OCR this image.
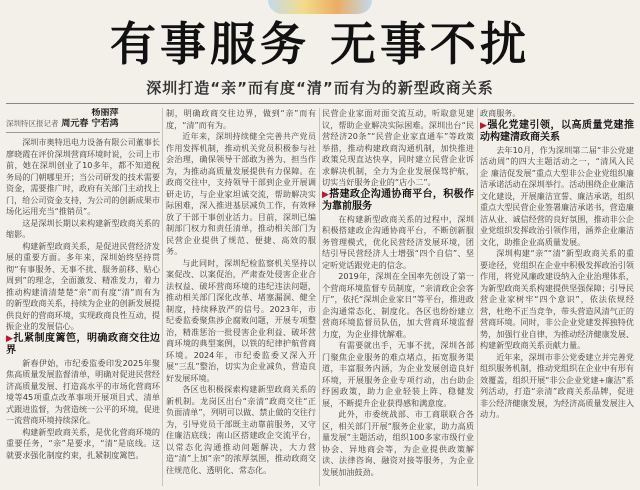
有事服务 无事不扰
深圳打造“亲”而有度“清”而有为的新型政商关系
深圳特区报记者 杨丽萍
周元春 宁若鸿

深圳市奥特迅电力设备有限公司董事长廖晓霞在评价深圳营商环境时说，公司上市前，她在深圳创业了10多年，都不知道税务局的门朝哪里开；当公司研发的技术需要资金，需要推广时，政府有关部门主动找上门，给公司资金支持，为公司的创新成果市场化运用充当“推销员”。

这是深圳长期以来构建新型政商关系的缩影。

构建新型政商关系，是促进民营经济发展的重要方面。多年来，深圳始终坚持贯彻“有事服务、无事不扰、服务前移、贴心周到”的理念，全面激发、精准发力，着力推动构建清清楚楚“亲”而有度“清”而有为的新型政商关系，持续为企业的创新发展提供良好的营商环境，实现政商良性互动，提振企业的发展信心。

▶扎紧制度篱笆，明确政商交往边界

新春伊始，市纪委监委印发2025年聚焦高质量发展监督清单，明确对促进民营经济高质量发展、打造高水平的市场化营商环境等45项重点改革事项开展项目式、清单式跟进监督，为营造统一公平的环境，促进一流营商环境持续深化。

构建新型政商关系，是优化营商环境的重要任务，“亲”是要求，“清”是底线。这就要求强化制度约束，扎紧制度篱笆。

制，明确政商交往边界，做到“亲”而有度，“清”而有为。

近年来，深圳持续健全完善共产党员作用发挥机制，推动机关党员积极参与社会治理，确保领导干部敢为善为、担当作为，为推动高质量发展提供有力保障。在政商交往中，支持领导干部到企业开展调研走访，与企业家坦诚交流，帮助解决实际困难，深入推进基层减负工作，有效释放了干部干事创业活力。目前，深圳已编制部门权力和责任清单，推动相关部门为民营企业提供了规范、便捷、高效的服务。

与此同时，深圳纪检监察机关坚持以案促改、以案促治，严肃查处侵害企业合法权益、破坏营商环境的违纪违法问题，推动相关部门深化改革、堵塞漏洞、健全制度，持续释放严的信号。2023年，市纪委监委聚焦涉企腐败问题，开展专项整治，精准惩治一批侵害企业利益、破坏营商环境的典型案例，以铁的纪律护航营商环境。2024年，市纪委监委又深入开展“三乱”整治，切实为企业减负，营造良好发展环境。

各区也积极探索构建新型政商关系的新机制。龙岗区出台“亲清”政商交往“正负面清单”，列明可以做、禁止做的交往行为，引导党员干部既主动靠前服务，又守住廉洁底线；南山区搭建政企交流平台，以常态化沟通推动问题解决，大力营造“清”上加“亲”的浓厚氛围，推动政商交往规范化、透明化、常态化。

民营企业家面对面交流互动，听取意见建议，帮助企业解决实际困难。深圳出台“民营经济20条”“民营企业家直通车”等政策举措，推动构建政商沟通机制，加快推进政策兑现直达快享，同时建立民营企业诉求解决机制，全力为企业发展保驾护航，切实当好服务企业的“店小二”。

▶搭建政企沟通协商平台，积极作为靠前服务

在构建新型政商关系的过程中，深圳积极搭建政企沟通协商平台，不断创新服务管理模式，优化民营经济发展环境，团结引导民营经济人士增强“四个自信”、坚定听党话跟党走的信念。

2019年，深圳在全国率先创设了第一个营商环境监督专员制度，“亲清政企会客厅”，依托“深圳企业家日”等平台，推进政企沟通常态化、制度化。各区也纷纷建立营商环境监督员队伍，加大营商环境监督力度，为企业排忧解难。

有需要就出手，无事不扰，深圳各部门聚焦企业服务的难点堵点，拓宽服务渠道，丰富服务内涵，为企业发展创造良好环境，开展服务企业专项行动，出台助企纾困政策，助力企业轻装上阵、稳健发展，不断提升企业获得感和满意度。

此外，市委统战部、市工商联联合各区，相关部门开展“服务企业家，助力高质量发展”主题活动，组织100多家市级行业协会、异地商会等，为企业提供政策解读、法律咨询、融资对接等服务，为企业发展加油鼓劲。

政商服务。

▶强化党建引领，以高质量党建推动构建清政商关系

去年10月，作为深圳第二届“非公党建活动周”的四大主题活动之一，“清风入民企 廉洁促发展”重点大型非公企业党组织廉洁承诺活动在深圳举行。活动围绕企业廉洁文化建设，开展廉洁宣誓、廉洁承诺，组织重点大型民营企业签署廉洁承诺书，营造廉洁从业、诚信经营的良好氛围，推动非公企业党组织发挥政治引领作用，涵养企业廉洁文化，助推企业高质量发展。

深圳构建“亲”“清”新型政商关系的重要途径，党组织在企业中积极发挥政治引领作用，将党风廉政建设纳入企业治理体系，为新型政商关系构建提供坚强保障；引导民营企业家树牢“四个意识”，依法依规经营，杜绝不正当竞争，带头营造风清气正的营商环境。同时，非公企业党建发挥独特优势，加强行业自律，为推动经济健康发展、构建新型政商关系贡献力量。

近年来，深圳市非公党委建立并完善党组织服务机制，推动党组织在企业中有形有效覆盖，组织开展“非公企业党建+廉洁”系列活动，打造“亲清”政商关系品牌，促进非公经济健康发展，为经济高质量发展注入动力。
